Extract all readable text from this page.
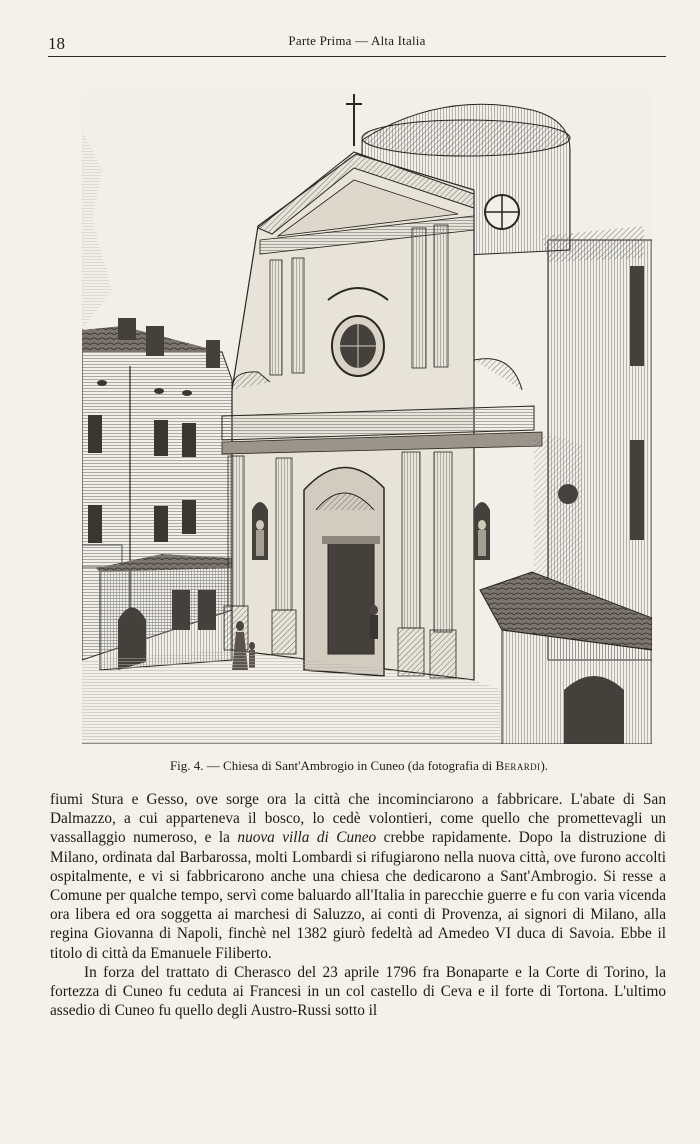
18	Parte Prima — Alta Italia
Fig. 4. — Chiesa di Sant'Ambrogio in Cuneo (da fotografia di Berardi).

fiumi Stura e Gesso, ove sorge ora la città che incominciarono a fabbricare. L'abate di San Dalmazzo, a cui apparteneva il bosco, lo cedè volontieri, come quello che promettevagli un vassallaggio numeroso, e la nuova villa di Cuneo crebbe rapidamente. Dopo la distruzione di Milano, ordinata dal Barbarossa, molti Lombardi si rifugiarono nella nuova città, ove furono accolti ospitalmente, e vi si fabbricarono anche una chiesa che dedicarono a Sant'Ambrogio. Si resse a Comune per qualche tempo, servì come baluardo all'Italia in parecchie guerre e fu con varia vicenda ora libera ed ora soggetta ai marchesi di Saluzzo, ai conti di Provenza, ai signori di Milano, alla regina Giovanna di Napoli, finchè nel 1382 giurò fedeltà ad Amedeo VI duca di Savoia. Ebbe il titolo di città da Emanuele Filiberto.

In forza del trattato di Cherasco del 23 aprile 1796 fra Bonaparte e la Corte di Torino, la fortezza di Cuneo fu ceduta ai Francesi in un col castello di Ceva e il forte di Tortona. L'ultimo assedio di Cuneo fu quello degli Austro-Russi sotto il
